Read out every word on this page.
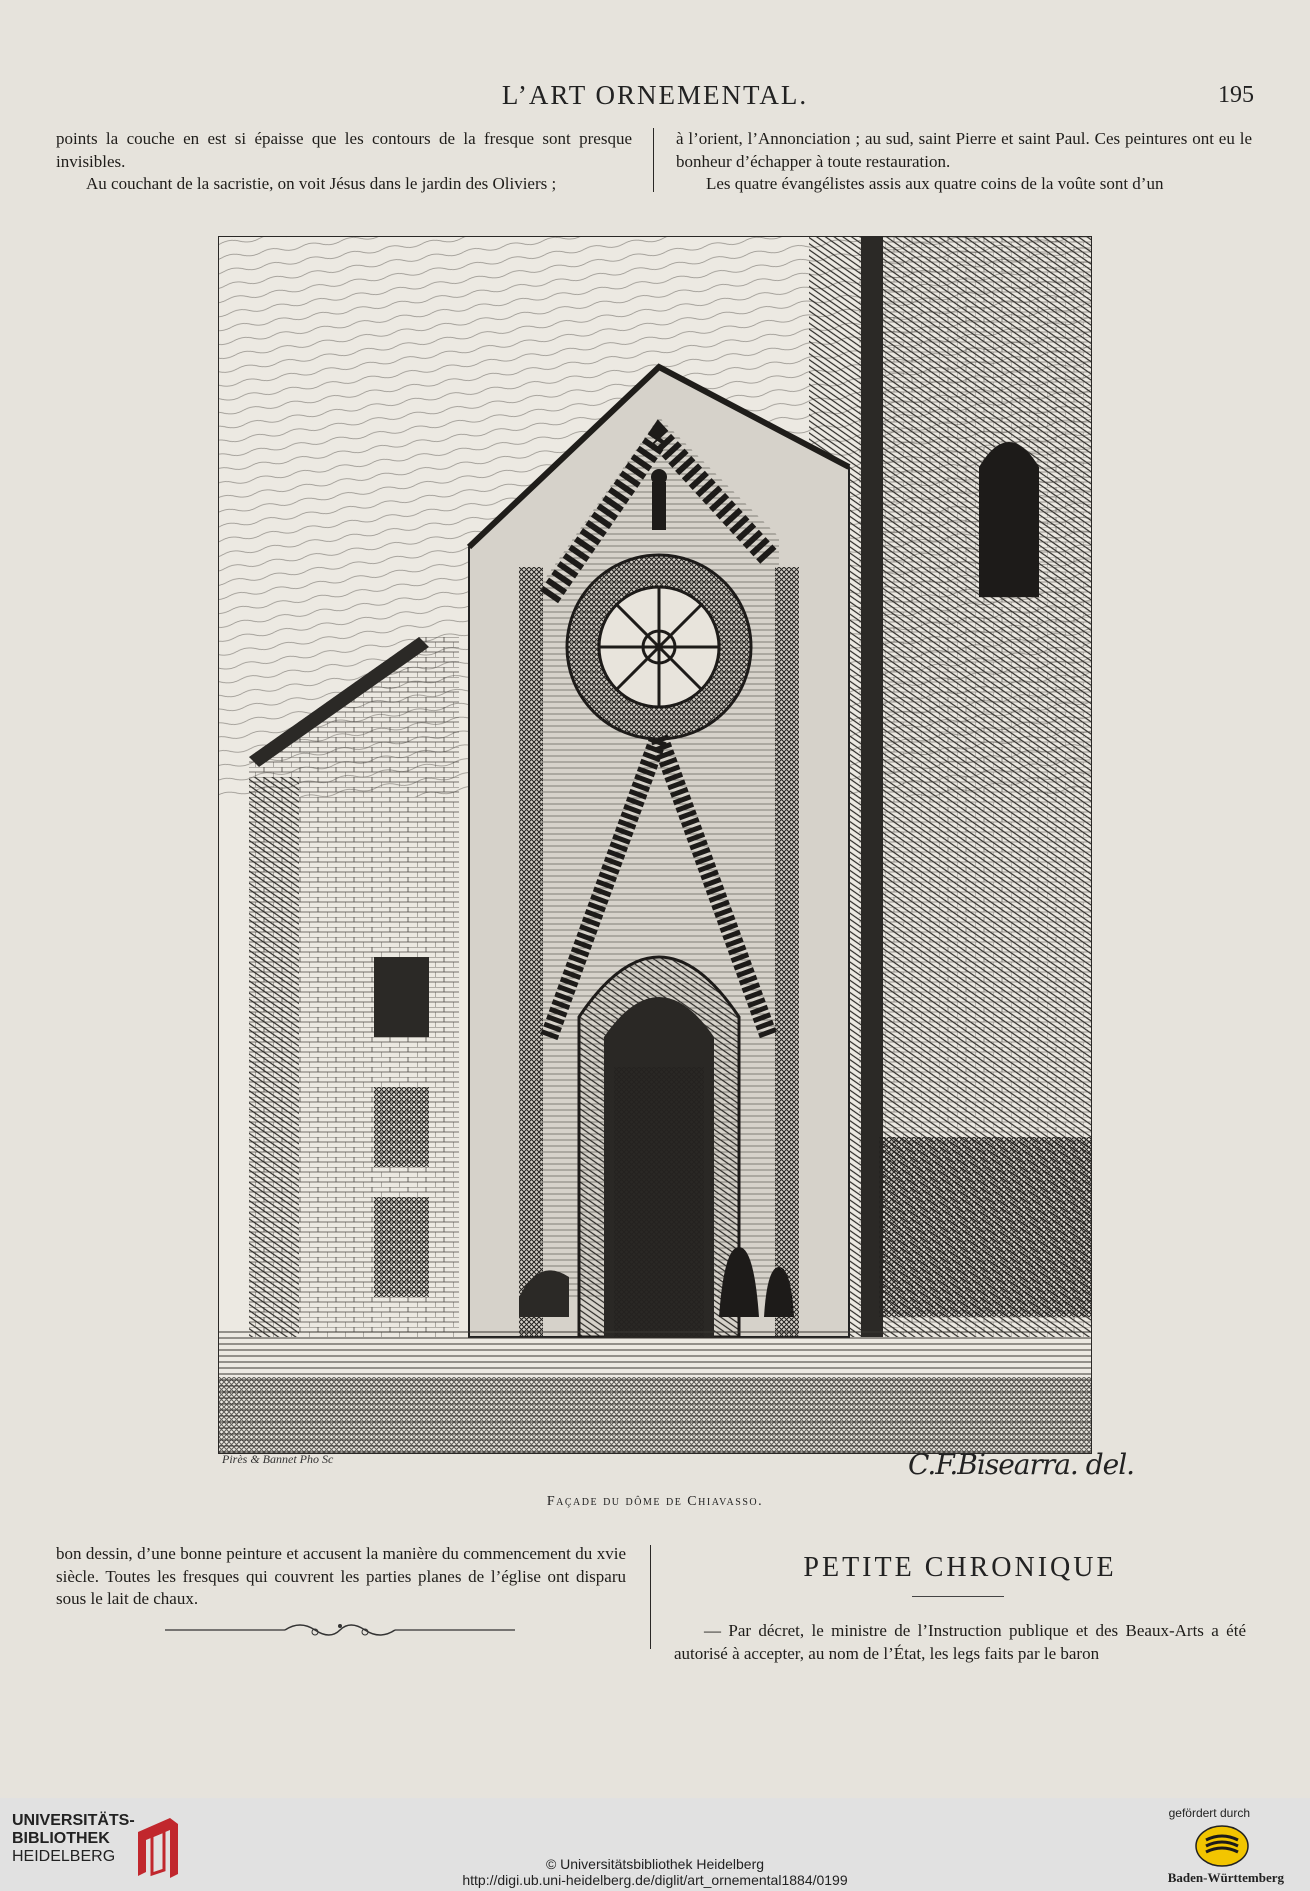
L’ART ORNEMENTAL.	195

points la couche en est si épaisse que les contours de la fresque sont presque invisibles.

Au couchant de la sacristie, on voit Jésus dans le jardin des Oliviers ;

à l’orient, l’Annonciation ; au sud, saint Pierre et saint Paul. Ces peintures ont eu le bonheur d’échapper à toute restauration.

Les quatre évangélistes assis aux quatre coins de la voûte sont d’un

Pirès & Bannet Pho Sc	C.F.Bisearra. del.
Façade du dôme de Chiavasso.

bon dessin, d’une bonne peinture et accusent la manière du commencement du xvie siècle. Toutes les fresques qui couvrent les parties planes de l’église ont disparu sous le lait de chaux.

PETITE CHRONIQUE

— Par décret, le ministre de l’Instruction publique et des Beaux-Arts a été autorisé à accepter, au nom de l’État, les legs faits par le baron

UNIVERSITÄTS-
BIBLIOTHEK
HEIDELBERG	© Universitätsbibliothek Heidelberg
http://digi.ub.uni-heidelberg.de/diglit/art_ornemental1884/0199
gefördert durch
Baden-Württemberg
